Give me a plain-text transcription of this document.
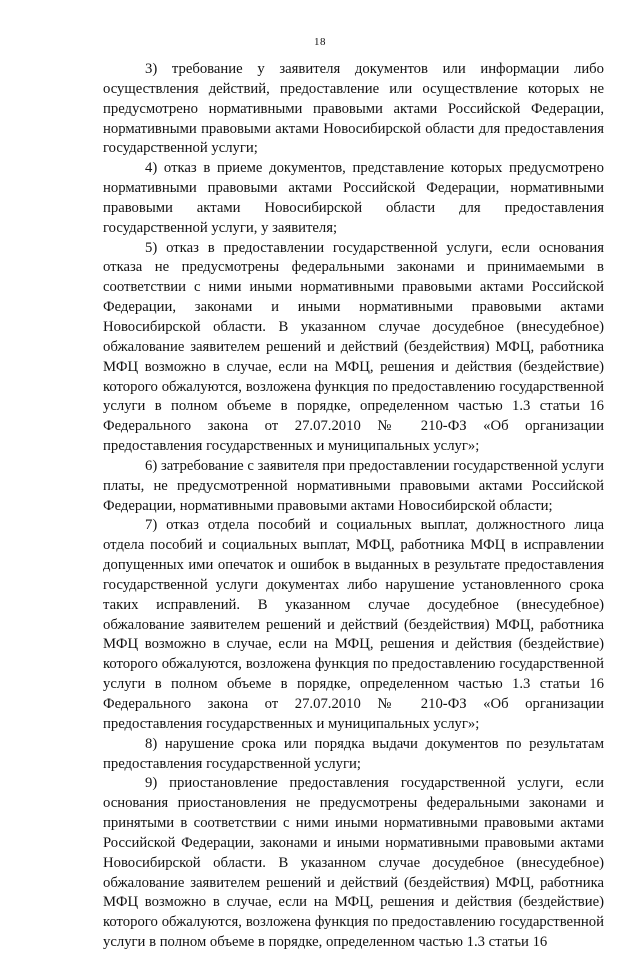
18

3) требование у заявителя документов или информации либо осуществления действий, предоставление или осуществление которых не предусмотрено нормативными правовыми актами Российской Федерации, нормативными правовыми актами Новосибирской области для предоставления государственной услуги;

4) отказ в приеме документов, представление которых предусмотрено нормативными правовыми актами Российской Федерации, нормативными правовыми актами Новосибирской области для предоставления государственной услуги, у заявителя;

5) отказ в предоставлении государственной услуги, если основания отказа не предусмотрены федеральными законами и принимаемыми в соответствии с ними иными нормативными правовыми актами Российской Федерации, законами и иными нормативными правовыми актами Новосибирской области. В указанном случае досудебное (внесудебное) обжалование заявителем решений и действий (бездействия) МФЦ, работника МФЦ возможно в случае, если на МФЦ, решения и действия (бездействие) которого обжалуются, возложена функция по предоставлению государственной услуги в полном объеме в порядке, определенном частью 1.3 статьи 16 Федерального закона от 27.07.2010 № 210-ФЗ «Об организации предоставления государственных и муниципальных услуг»;

6) затребование с заявителя при предоставлении государственной услуги платы, не предусмотренной нормативными правовыми актами Российской Федерации, нормативными правовыми актами Новосибирской области;

7) отказ отдела пособий и социальных выплат, должностного лица отдела пособий и социальных выплат, МФЦ, работника МФЦ в исправлении допущенных ими опечаток и ошибок в выданных в результате предоставления государственной услуги документах либо нарушение установленного срока таких исправлений. В указанном случае досудебное (внесудебное) обжалование заявителем решений и действий (бездействия) МФЦ, работника МФЦ возможно в случае, если на МФЦ, решения и действия (бездействие) которого обжалуются, возложена функция по предоставлению государственной услуги в полном объеме в порядке, определенном частью 1.3 статьи 16 Федерального закона от 27.07.2010 № 210-ФЗ «Об организации предоставления государственных и муниципальных услуг»;

8) нарушение срока или порядка выдачи документов по результатам предоставления государственной услуги;

9) приостановление предоставления государственной услуги, если основания приостановления не предусмотрены федеральными законами и принятыми в соответствии с ними иными нормативными правовыми актами Российской Федерации, законами и иными нормативными правовыми актами Новосибирской области. В указанном случае досудебное (внесудебное) обжалование заявителем решений и действий (бездействия) МФЦ, работника МФЦ возможно в случае, если на МФЦ, решения и действия (бездействие) которого обжалуются, возложена функция по предоставлению государственной услуги в полном объеме в порядке, определенном частью 1.3 статьи 16
